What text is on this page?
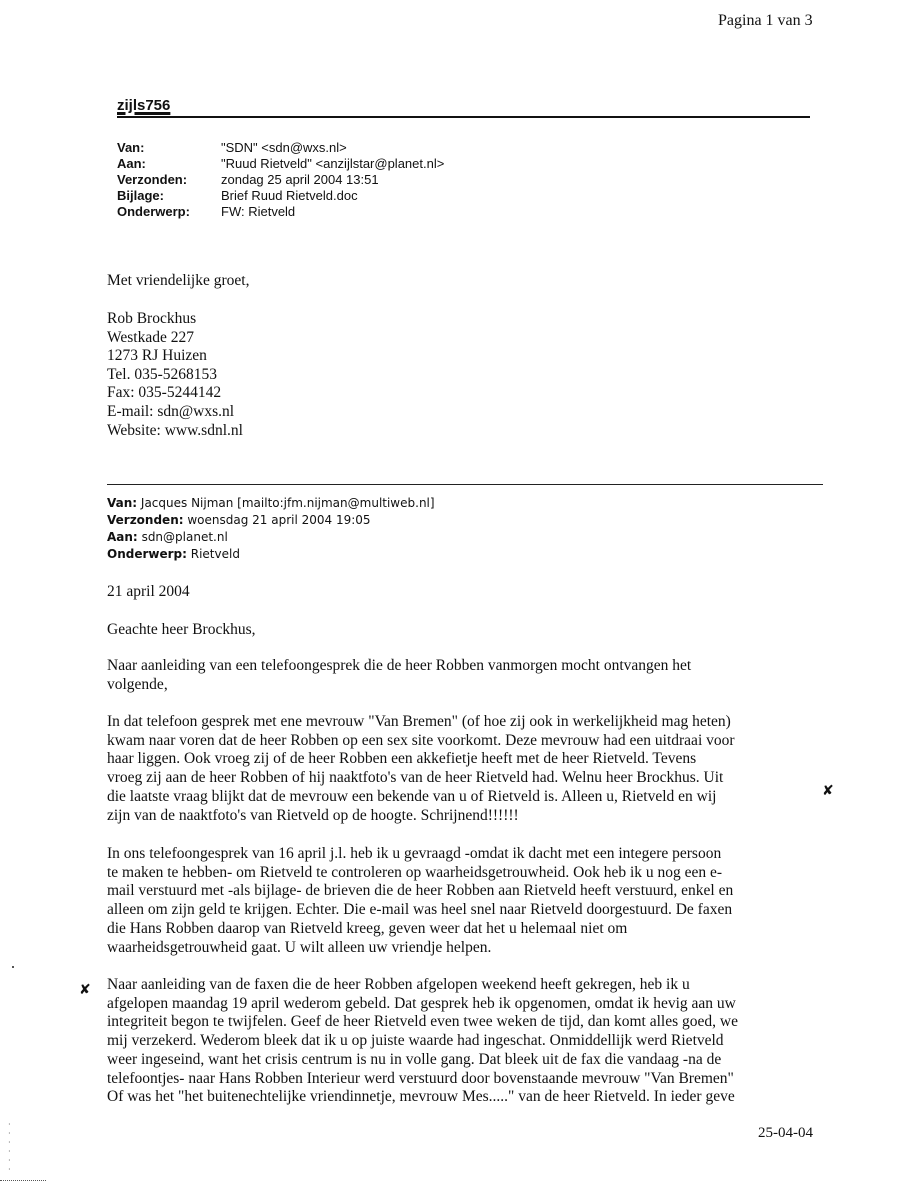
Pagina 1 van 3
zijls756
Van:	"SDN" <sdn@wxs.nl>
Aan:	"Ruud Rietveld" <anzijlstar@planet.nl>
Verzonden:	zondag 25 april 2004 13:51
Bijlage:	Brief Ruud Rietveld.doc
Onderwerp:	FW: Rietveld
Met vriendelijke groet,
Rob Brockhus
Westkade 227
1273 RJ Huizen
Tel. 035-5268153
Fax: 035-5244142
E-mail: sdn@wxs.nl
Website: www.sdnl.nl
Van: Jacques Nijman [mailto:jfm.nijman@multiweb.nl]
Verzonden: woensdag 21 april 2004 19:05
Aan: sdn@planet.nl
Onderwerp: Rietveld
21 april 2004
Geachte heer Brockhus,
Naar aanleiding van een telefoongesprek die de heer Robben vanmorgen mocht ontvangen het
volgende,
In dat telefoon gesprek met ene mevrouw "Van Bremen" (of hoe zij ook in werkelijkheid mag heten)
kwam naar voren dat de heer Robben op een sex site voorkomt. Deze mevrouw had een uitdraai voor
haar liggen. Ook vroeg zij of de heer Robben een akkefietje heeft met de heer Rietveld. Tevens
vroeg zij aan de heer Robben of hij naaktfoto's van de heer Rietveld had. Welnu heer Brockhus. Uit
die laatste vraag blijkt dat de mevrouw een bekende van u of Rietveld is. Alleen u, Rietveld en wij
zijn van de naaktfoto's van Rietveld op de hoogte. Schrijnend!!!!!!
In ons telefoongesprek van 16 april j.l. heb ik u gevraagd -omdat ik dacht met een integere persoon
te maken te hebben- om Rietveld te controleren op waarheidsgetrouwheid. Ook heb ik u nog een e-
mail verstuurd met -als bijlage- de brieven die de heer Robben aan Rietveld heeft verstuurd, enkel en
alleen om zijn geld te krijgen. Echter. Die e-mail was heel snel naar Rietveld doorgestuurd. De faxen
die Hans Robben daarop van Rietveld kreeg, geven weer dat het u helemaal niet om
waarheidsgetrouwheid gaat. U wilt alleen uw vriendje helpen.
Naar aanleiding van de faxen die de heer Robben afgelopen weekend heeft gekregen, heb ik u
afgelopen maandag 19 april wederom gebeld. Dat gesprek heb ik opgenomen, omdat ik hevig aan uw
integriteit begon te twijfelen. Geef de heer Rietveld even twee weken de tijd, dan komt alles goed, we
mij verzekerd. Wederom bleek dat ik u op juiste waarde had ingeschat. Onmiddellijk werd Rietveld
weer ingeseind, want het crisis centrum is nu in volle gang. Dat bleek uit de fax die vandaag -na de
telefoontjes- naar Hans Robben Interieur werd verstuurd door bovenstaande mevrouw "Van Bremen"
Of was het "het buitenechtelijke vriendinnetje, mevrouw Mes....." van de heer Rietveld. In ieder geve
✘
✘
25-04-04
·
·
·
·
·
·
